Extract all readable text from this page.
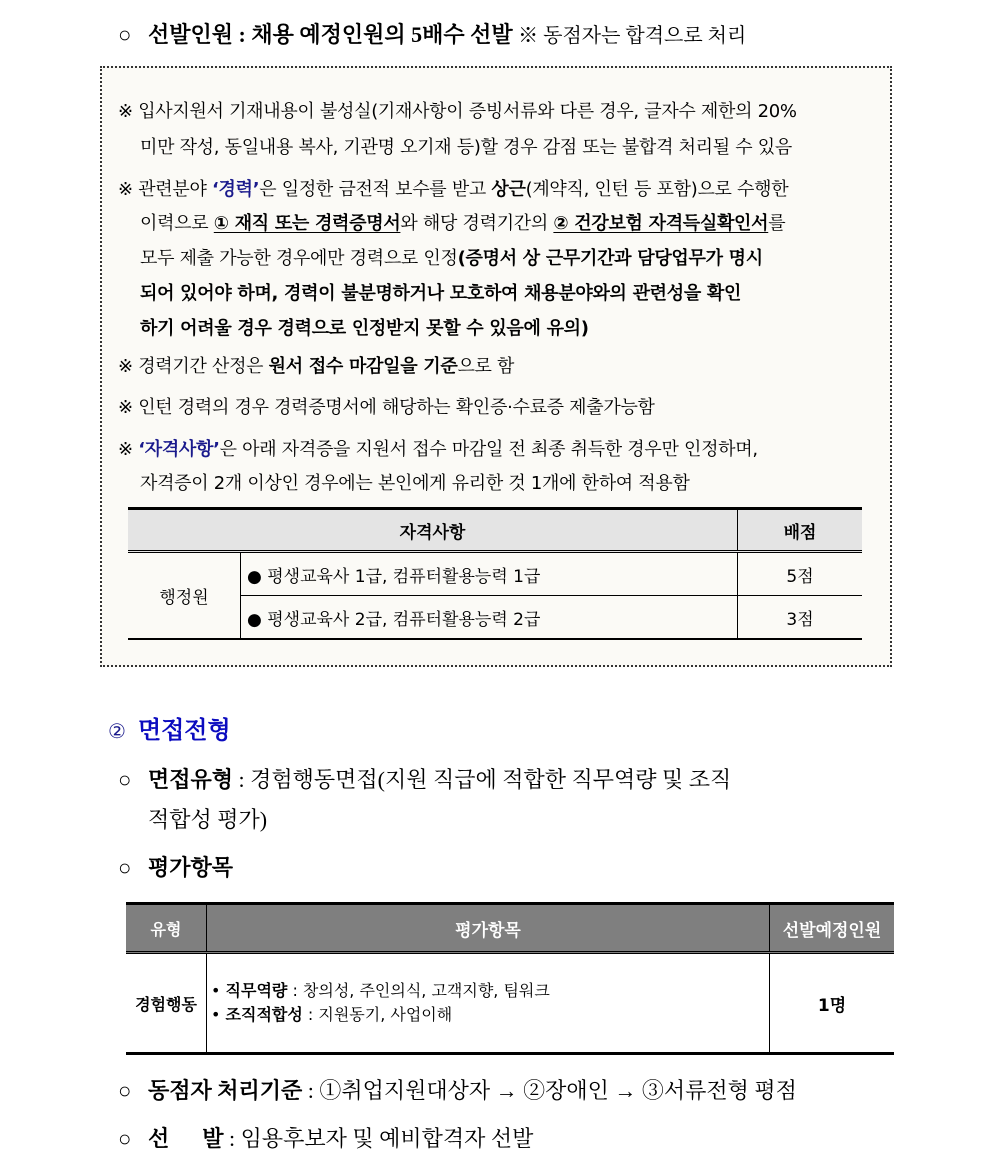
○ 선발인원 : 채용 예정인원의 5배수 선발 ※ 동점자는 합격으로 처리
※ 입사지원서 기재내용이 불성실(기재사항이 증빙서류와 다른 경우, 글자수 제한의 20%
미만 작성, 동일내용 복사, 기관명 오기재 등)할 경우 감점 또는 불합격 처리될 수 있음
※ 관련분야 ‘경력’은 일정한 금전적 보수를 받고 상근(계약직, 인턴 등 포함)으로 수행한
이력으로 ① 재직 또는 경력증명서와 해당 경력기간의 ② 건강보험 자격득실확인서를
모두 제출 가능한 경우에만 경력으로 인정(증명서 상 근무기간과 담당업무가 명시
되어 있어야 하며, 경력이 불분명하거나 모호하여 채용분야와의 관련성을 확인
하기 어려울 경우 경력으로 인정받지 못할 수 있음에 유의)
※ 경력기간 산정은 원서 접수 마감일을 기준으로 함
※ 인턴 경력의 경우 경력증명서에 해당하는 확인증·수료증 제출가능함
※ ‘자격사항’은 아래 자격증을 지원서 접수 마감일 전 최종 취득한 경우만 인정하며,
자격증이 2개 이상인 경우에는 본인에게 유리한 것 1개에 한하여 적용함
자격사항		배점
행정원	● 평생교육사 1급, 컴퓨터활용능력 1급	5점
	● 평생교육사 2급, 컴퓨터활용능력 2급	3점
② 면접전형
○ 면접유형 : 경험행동면접(지원 직급에 적합한 직무역량 및 조직
적합성 평가)
○ 평가항목
유형	평가항목	선발예정인원
경험행동	• 직무역량 : 창의성, 주인의식, 고객지향, 팀워크
• 조직적합성 : 지원동기, 사업이해	1명
○ 동점자 처리기준 : ①취업지원대상자 → ②장애인 → ③서류전형 평점
○ 선      발 : 임용후보자 및 예비합격자 선발
